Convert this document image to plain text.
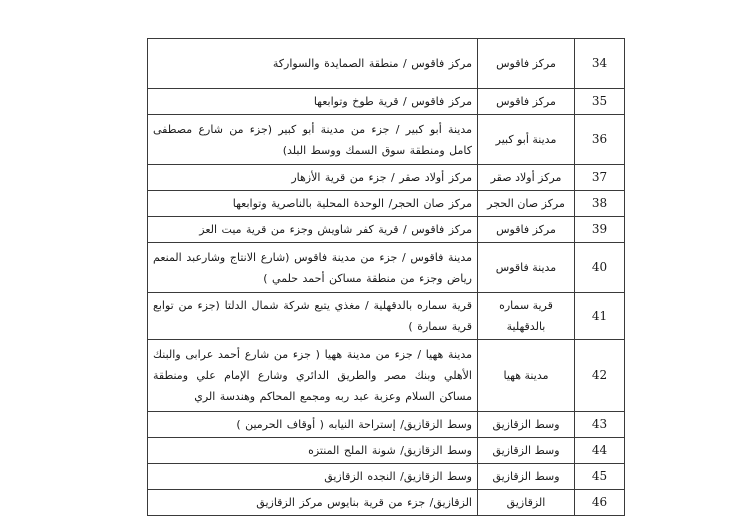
مركز فاقوس / منطقة الصمايدة والسواركة	مركز فاقوس	34
مركز فاقوس / قرية طوخ وتوابعها	مركز فاقوس	35
مدينة أبو كبير / جزء من مدينة أبو كبير (جزء من شارع مصطفى كامل ومنطقة سوق السمك ووسط البلد)	مدينة أبو كبير	36
مركز أولاد صقر / جزء من قرية الأزهار	مركز أولاد صقر	37
مركز صان الحجر/ الوحدة المحلية بالناصرية وتوابعها	مركز صان الحجر	38
مركز فاقوس / قرية كفر شاويش وجزء من قرية ميت العز	مركز فاقوس	39
مدينة فاقوس / جزء من مدينة فاقوس (شارع الانتاج وشارعبد المنعم رياض وجزء من منطقة مساكن أحمد حلمي )	مدينة فاقوس	40
قرية سماره بالدقهلية / مغذي يتبع شركة شمال الدلتا (جزء من توابع قرية سمارة )	قرية سماره بالدقهلية	41
مدينة ههيا / جزء من مدينة ههيا ( جزء من شارع أحمد عرابى والبنك الأهلي وبنك مصر والطريق الدائري وشارع الإمام علي ومنطقة مساكن السلام وعزبة عبد ربه ومجمع المحاكم وهندسة الري	مدينة ههيا	42
وسط الزقازيق/ إستراحة النيابه ( أوقاف الحرمين )	وسط الزقازيق	43
وسط الزقازيق/ شونة الملح المنتزه	وسط الزقازيق	44
وسط الزقازيق/ النجده الزقازيق	وسط الزقازيق	45
الزقازيق/ جزء من قرية بنايوس مركز الزقازيق	الزقازيق	46
